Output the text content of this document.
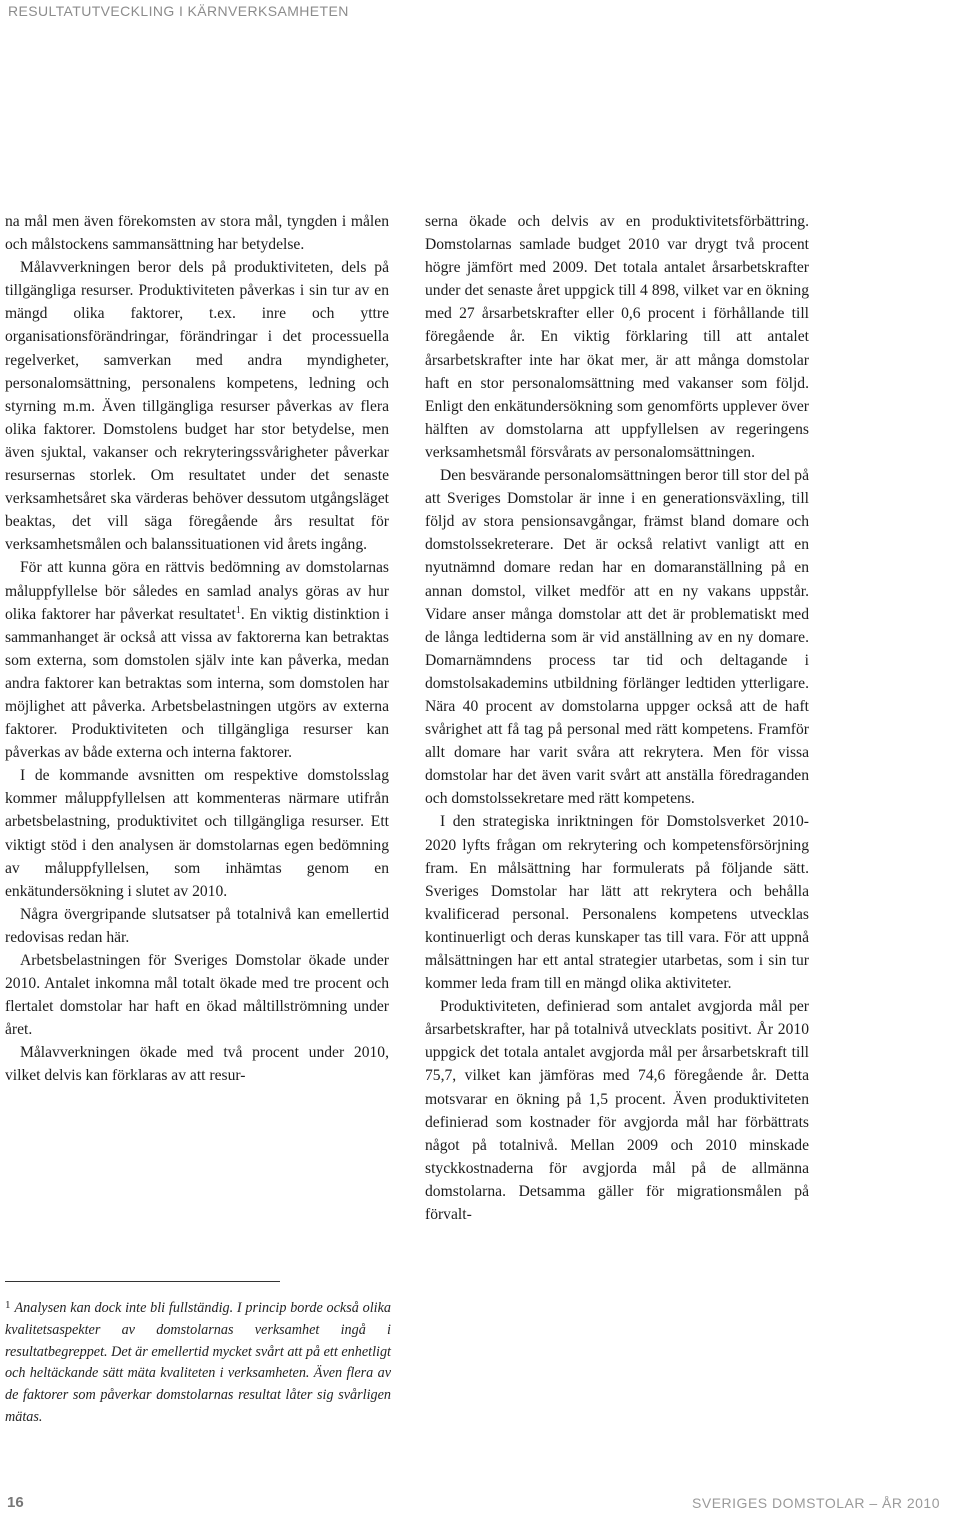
RESULTATUTVECKLING I KÄRNVERKSAMHETEN

na mål men även förekomsten av stora mål, tyngden i målen och målstockens sammansättning har betydelse.

Målavverkningen beror dels på produktiviteten, dels på tillgängliga resurser. Produktiviteten påverkas i sin tur av en mängd olika faktorer, t.ex. inre och yttre organisationsförändringar, förändringar i det processuella regelverket, samverkan med andra myndigheter, personalomsättning, personalens kompetens, ledning och styrning m.m. Även tillgängliga resurser påverkas av flera olika faktorer. Domstolens budget har stor betydelse, men även sjuktal, vakanser och rekryteringssvårigheter påverkar resursernas storlek. Om resultatet under det senaste verksamhetsåret ska värderas behöver dessutom utgångsläget beaktas, det vill säga föregående års resultat för verksamhetsmålen och balanssituationen vid årets ingång.

För att kunna göra en rättvis bedömning av domstolarnas måluppfyllelse bör således en samlad analys göras av hur olika faktorer har påverkat resultatet$^1$. En viktig distinktion i sammanhanget är också att vissa av faktorerna kan betraktas som externa, som domstolen själv inte kan påverka, medan andra faktorer kan betraktas som interna, som domstolen har möjlighet att påverka. Arbetsbelastningen utgörs av externa faktorer. Produktiviteten och tillgängliga resurser kan påverkas av både externa och interna faktorer.

I de kommande avsnitten om respektive domstolsslag kommer måluppfyllelsen att kommenteras närmare utifrån arbetsbelastning, produktivitet och tillgängliga resurser. Ett viktigt stöd i den analysen är domstolarnas egen bedömning av måluppfyllelsen, som inhämtas genom en enkätundersökning i slutet av 2010.

Några övergripande slutsatser på totalnivå kan emellertid redovisas redan här.

Arbetsbelastningen för Sveriges Domstolar ökade under 2010. Antalet inkomna mål totalt ökade med tre procent och flertalet domstolar har haft en ökad måltillströmning under året.

Målavverkningen ökade med två procent under 2010, vilket delvis kan förklaras av att resur-

serna ökade och delvis av en produktivitetsförbättring. Domstolarnas samlade budget 2010 var drygt två procent högre jämfört med 2009. Det totala antalet årsarbetskrafter under det senaste året uppgick till 4 898, vilket var en ökning med 27 årsarbetskrafter eller 0,6 procent i förhållande till föregående år. En viktig förklaring till att antalet årsarbetskrafter inte har ökat mer, är att många domstolar haft en stor personalomsättning med vakanser som följd. Enligt den enkätundersökning som genomförts upplever över hälften av domstolarna att uppfyllelsen av regeringens verksamhetsmål försvårats av personalomsättningen.

Den besvärande personalomsättningen beror till stor del på att Sveriges Domstolar är inne i en generationsväxling, till följd av stora pensionsavgångar, främst bland domare och domstolssekreterare. Det är också relativt vanligt att en nyutnämnd domare redan har en domaranställning på en annan domstol, vilket medför att en ny vakans uppstår. Vidare anser många domstolar att det är problematiskt med de långa ledtiderna som är vid anställning av en ny domare. Domarnämndens process tar tid och deltagande i domstolsakademins utbildning förlänger ledtiden ytterligare. Nära 40 procent av domstolarna uppger också att de haft svårighet att få tag på personal med rätt kompetens. Framför allt domare har varit svåra att rekrytera. Men för vissa domstolar har det även varit svårt att anställa föredraganden och domstolssekretare med rätt kompetens.

I den strategiska inriktningen för Domstolsverket 2010-2020 lyfts frågan om rekrytering och kompetensförsörjning fram. En målsättning har formulerats på följande sätt. Sveriges Domstolar har lätt att rekrytera och behålla kvalificerad personal. Personalens kompetens utvecklas kontinuerligt och deras kunskaper tas till vara. För att uppnå målsättningen har ett antal strategier utarbetas, som i sin tur kommer leda fram till en mängd olika aktiviteter.

Produktiviteten, definierad som antalet avgjorda mål per årsarbetskrafter, har på totalnivå utvecklats positivt. År 2010 uppgick det totala antalet avgjorda mål per årsarbetskraft till 75,7, vilket kan jämföras med 74,6 föregående år. Detta motsvarar en ökning på 1,5 procent. Även produktiviteten definierad som kostnader för avgjorda mål har förbättrats något på totalnivå. Mellan 2009 och 2010 minskade styckkostnaderna för avgjorda mål på de allmänna domstolarna. Detsamma gäller för migrationsmålen på förvalt-

$^1$ Analysen kan dock inte bli fullständig. I princip borde också olika kvalitetsaspekter av domstolarnas verksamhet ingå i resultatbegreppet. Det är emellertid mycket svårt att på ett enhetligt och heltäckande sätt mäta kvaliteten i verksamheten. Även flera av de faktorer som påverkar domstolarnas resultat låter sig svårligen mätas.
16	SVERIGES DOMSTOLAR – ÅR 2010
